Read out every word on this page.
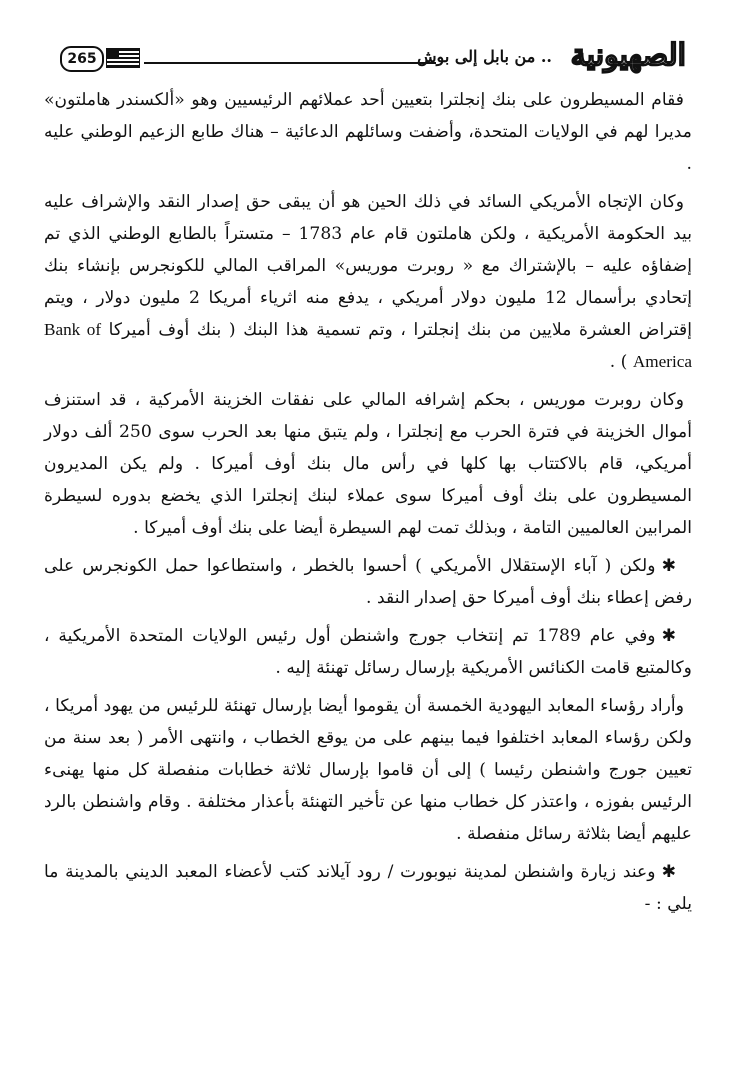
الصهيونية
.. من بابل إلى بوش
265

فقام المسيطرون على بنك إنجلترا بتعيين أحد عملائهم الرئيسيين وهو «ألكسندر هاملتون» مديرا لهم في الولايات المتحدة، وأضفت وسائلهم الدعائية – هناك طابع الزعيم الوطني عليه .

وكان الإتجاه الأمريكي السائد في ذلك الحين هو أن يبقى حق إصدار النقد والإشراف عليه بيد الحكومة الأمريكية ، ولكن هاملتون قام عام 1783 – متستراً بالطابع الوطني الذي تم إضفاؤه عليه – بالإشتراك مع « روبرت موريس» المراقب المالي للكونجرس بإنشاء بنك إتحادي برأسمال 12 مليون دولار أمريكي ، يدفع منه اثرياء أمريكا 2 مليون دولار ، ويتم إقتراض العشرة ملايين من بنك إنجلترا ، وتم تسمية هذا البنك ( بنك أوف أميركا Bank of America ) .

وكان روبرت موريس ، بحكم إشرافه المالي على نفقات الخزينة الأمركية ، قد استنزف أموال الخزينة في فترة الحرب مع إنجلترا ، ولم يتبق منها بعد الحرب سوى 250 ألف دولار أمريكي، قام بالاكتتاب بها كلها في رأس مال بنك أوف أميركا . ولم يكن المديرون المسيطرون على بنك أوف أميركا سوى عملاء لبنك إنجلترا الذي يخضع بدوره لسيطرة المرابين العالميين التامة ، وبذلك تمت لهم السيطرة أيضا على بنك أوف أميركا .

✱ولكن ( آباء الإستقلال الأمريكي ) أحسوا بالخطر ، واستطاعوا حمل الكونجرس على رفض إعطاء بنك أوف أميركا حق إصدار النقد .

✱وفي عام 1789 تم إنتخاب جورج واشنطن أول رئيس الولايات المتحدة الأمريكية ، وكالمتبع قامت الكنائس الأمريكية بإرسال رسائل تهنئة إليه .

وأراد رؤساء المعابد اليهودية الخمسة أن يقوموا أيضا بإرسال تهنئة للرئيس من يهود أمريكا ، ولكن رؤساء المعابد اختلفوا فيما بينهم على من يوقع الخطاب ، وانتهى الأمر ( بعد سنة من تعيين جورج واشنطن رئيسا ) إلى أن قاموا بإرسال ثلاثة خطابات منفصلة كل منها يهنىء الرئيس بفوزه ، واعتذر كل خطاب منها عن تأخير التهنئة بأعذار مختلفة . وقام واشنطن بالرد عليهم أيضا بثلاثة رسائل منفصلة .

✱وعند زيارة واشنطن لمدينة نيوبورت / رود آيلاند كتب لأعضاء المعبد الديني بالمدينة ما يلي : -
